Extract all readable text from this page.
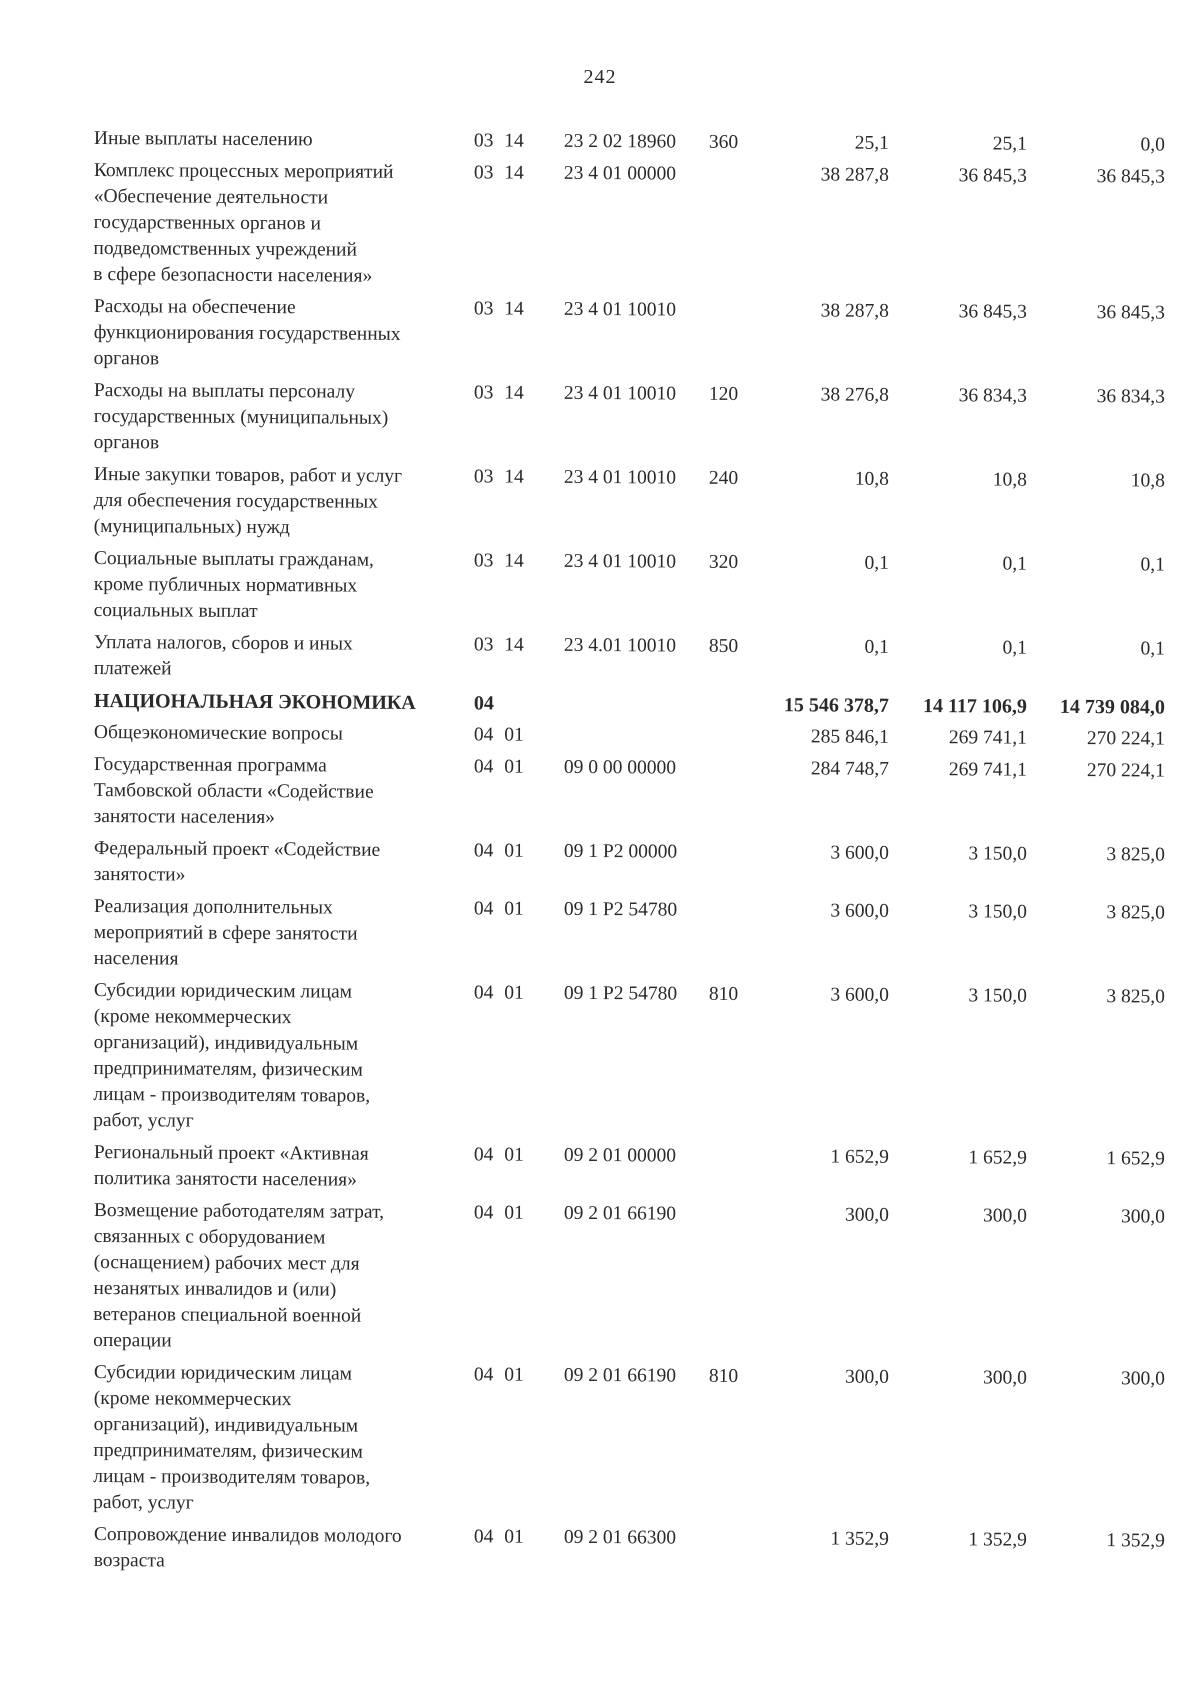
242
Иные выплаты населению	03 14	23 2 02 18960	360	25,1	25,1	0,0
Комплекс процессных мероприятий
«Обеспечение деятельности
государственных органов и
подведомственных учреждений
в сфере безопасности населения»
03 14	23 4 01 00000	38 287,8	36 845,3	36 845,3
Расходы на обеспечение
функционирования государственных
органов
03 14	23 4 01 10010	38 287,8	36 845,3	36 845,3
Расходы на выплаты персоналу
государственных (муниципальных)
органов
03 14	23 4 01 10010	120	38 276,8	36 834,3	36 834,3
Иные закупки товаров, работ и услуг
для обеспечения государственных
(муниципальных) нужд
03 14	23 4 01 10010	240	10,8	10,8	10,8
Социальные выплаты гражданам,
кроме публичных нормативных
социальных выплат
03 14	23 4 01 10010	320	0,1	0,1	0,1
Уплата налогов, сборов и иных
платежей
03 14	23 4.01 10010	850	0,1	0,1	0,1
НАЦИОНАЛЬНАЯ ЭКОНОМИКА	04	15 546 378,7	14 117 106,9	14 739 084,0
Общеэкономические вопросы	04 01	285 846,1	269 741,1	270 224,1
Государственная программа
Тамбовской области «Содействие
занятости населения»
04 01	09 0 00 00000	284 748,7	269 741,1	270 224,1
Федеральный проект «Содействие
занятости»
04 01	09 1 Р2 00000	3 600,0	3 150,0	3 825,0
Реализация дополнительных
мероприятий в сфере занятости
населения
04 01	09 1 Р2 54780	3 600,0	3 150,0	3 825,0
Субсидии юридическим лицам
(кроме некоммерческих
организаций), индивидуальным
предпринимателям, физическим
лицам - производителям товаров,
работ, услуг
04 01	09 1 Р2 54780	810	3 600,0	3 150,0	3 825,0
Региональный проект «Активная
политика занятости населения»
04 01	09 2 01 00000	1 652,9	1 652,9	1 652,9
Возмещение работодателям затрат,
связанных с оборудованием
(оснащением) рабочих мест для
незанятых инвалидов и (или)
ветеранов специальной военной
операции
04 01	09 2 01 66190	300,0	300,0	300,0
Субсидии юридическим лицам
(кроме некоммерческих
организаций), индивидуальным
предпринимателям, физическим
лицам - производителям товаров,
работ, услуг
04 01	09 2 01 66190	810	300,0	300,0	300,0
Сопровождение инвалидов молодого
возраста
04 01	09 2 01 66300	1 352,9	1 352,9	1 352,9
